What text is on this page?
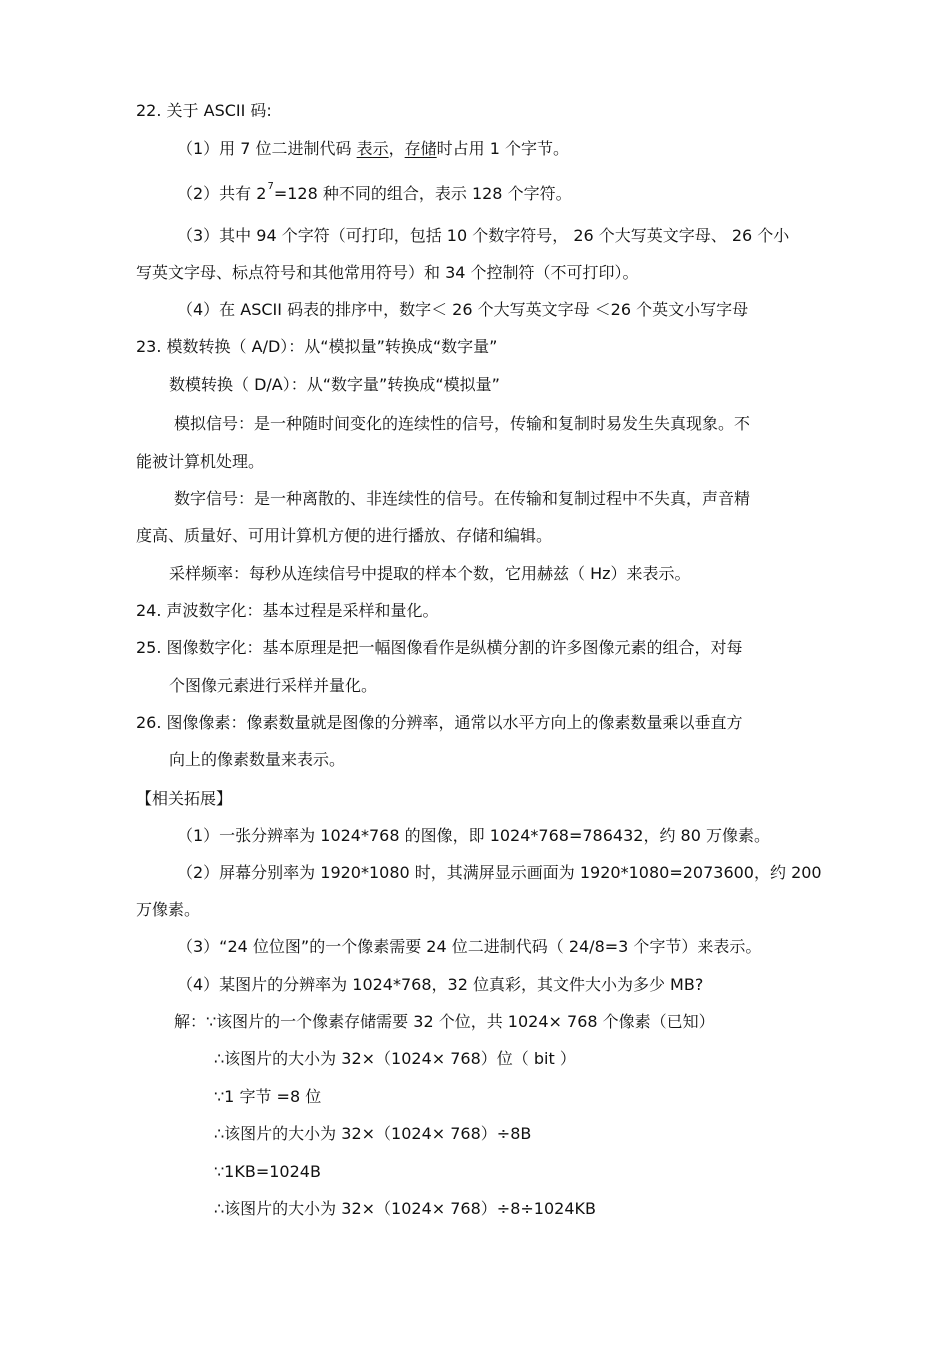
22. 关于 ASCII 码:
（1）用 7 位二进制代码 表示，存储时占用 1 个字节。
（2）共有 $2^7=128$ 种不同的组合，表示 128 个字符。
（3）其中 94 个字符（可打印，包括 10 个数字符号， 26 个大写英文字母、 26 个小
写英文字母、标点符号和其他常用符号）和 34 个控制符（不可打印）。
（4）在 ASCII 码表的排序中，数字＜ 26 个大写英文字母 ＜26 个英文小写字母
23. 模数转换（ A/D）：从“模拟量”转换成“数字量”
数模转换（ D/A）：从“数字量”转换成“模拟量”
模拟信号：是一种随时间变化的连续性的信号，传输和复制时易发生失真现象。不
能被计算机处理。
数字信号：是一种离散的、非连续性的信号。在传输和复制过程中不失真，声音精
度高、质量好、可用计算机方便的进行播放、存储和编辑。
采样频率：每秒从连续信号中提取的样本个数，它用赫兹（ Hz）来表示。
24. 声波数字化：基本过程是采样和量化。
25. 图像数字化：基本原理是把一幅图像看作是纵横分割的许多图像元素的组合，对每
个图像元素进行采样并量化。
26. 图像像素：像素数量就是图像的分辨率，通常以水平方向上的像素数量乘以垂直方
向上的像素数量来表示。
【相关拓展】
（1）一张分辨率为 1024*768 的图像，即 1024*768=786432，约 80 万像素。
（2）屏幕分别率为 1920*1080 时，其满屏显示画面为 1920*1080=2073600，约 200
万像素。
（3）“24 位位图”的一个像素需要 24 位二进制代码（ 24/8=3 个字节）来表示。
（4）某图片的分辨率为 1024*768，32 位真彩，其文件大小为多少 MB?
解：∵该图片的一个像素存储需要 32 个位，共 1024× 768 个像素（已知）
∴该图片的大小为 32×（1024× 768）位（ bit ）
∵1 字节 =8 位
∴该图片的大小为 32×（1024× 768）÷8B
∵1KB=1024B
∴该图片的大小为 32×（1024× 768）÷8÷1024KB
